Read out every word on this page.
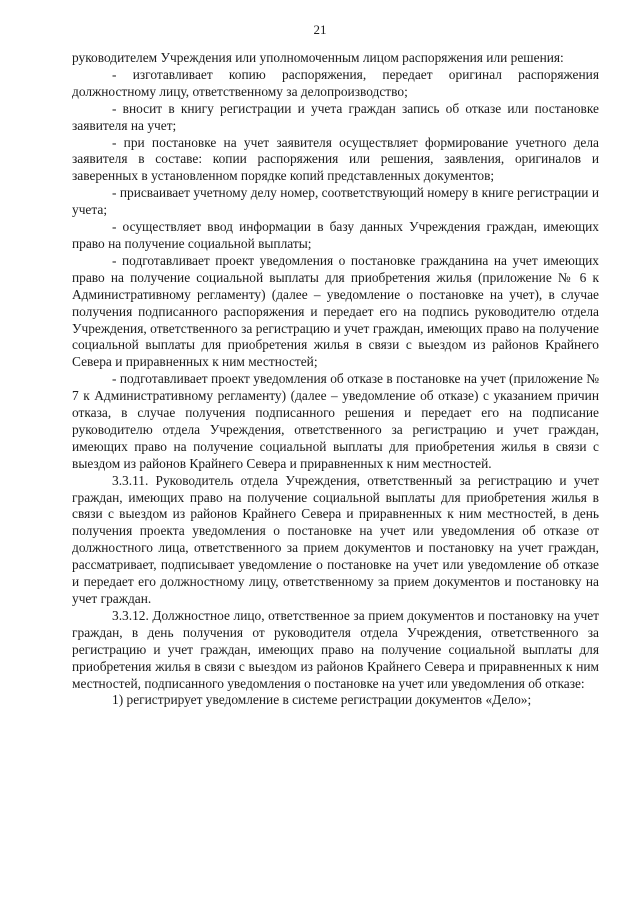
21

руководителем Учреждения или уполномоченным лицом распоряжения или решения:

- изготавливает копию распоряжения, передает оригинал распоряжения должностному лицу, ответственному за делопроизводство;

- вносит в книгу регистрации и учета граждан запись об отказе или постановке заявителя на учет;

- при постановке на учет заявителя осуществляет формирование учетного дела заявителя в составе: копии распоряжения или решения, заявления, оригиналов и заверенных в установленном порядке копий представленных документов;

- присваивает учетному делу номер, соответствующий номеру в книге регистрации и учета;

- осуществляет ввод информации в базу данных Учреждения граждан, имеющих право на получение социальной выплаты;

- подготавливает проект уведомления о постановке гражданина на учет имеющих право на получение социальной выплаты для приобретения жилья (приложение № 6 к Административному регламенту) (далее – уведомление о постановке на учет), в случае получения подписанного распоряжения и передает его на подпись руководителю отдела Учреждения, ответственного за регистрацию и учет граждан, имеющих право на получение социальной выплаты для приобретения жилья в связи с выездом из районов Крайнего Севера и приравненных к ним местностей;

- подготавливает проект уведомления об отказе в постановке на учет (приложение № 7 к Административному регламенту) (далее – уведомление об отказе) с указанием причин отказа, в случае получения подписанного решения и передает его на подписание руководителю отдела Учреждения, ответственного за регистрацию и учет граждан, имеющих право на получение социальной выплаты для приобретения жилья в связи с выездом из районов Крайнего Севера и приравненных к ним местностей.

3.3.11. Руководитель отдела Учреждения, ответственный за регистрацию и учет граждан, имеющих право на получение социальной выплаты для приобретения жилья в связи с выездом из районов Крайнего Севера и приравненных к ним местностей, в день получения проекта уведомления о постановке на учет или уведомления об отказе от должностного лица, ответственного за прием документов и постановку на учет граждан, рассматривает, подписывает уведомление о постановке на учет или уведомление об отказе и передает его должностному лицу, ответственному за прием документов и постановку на учет граждан.

3.3.12. Должностное лицо, ответственное за прием документов и постановку на учет граждан, в день получения от руководителя отдела Учреждения, ответственного за регистрацию и учет граждан, имеющих право на получение социальной выплаты для приобретения жилья в связи с выездом из районов Крайнего Севера и приравненных к ним местностей, подписанного уведомления о постановке на учет или уведомления об отказе:

1) регистрирует уведомление в системе регистрации документов «Дело»;
